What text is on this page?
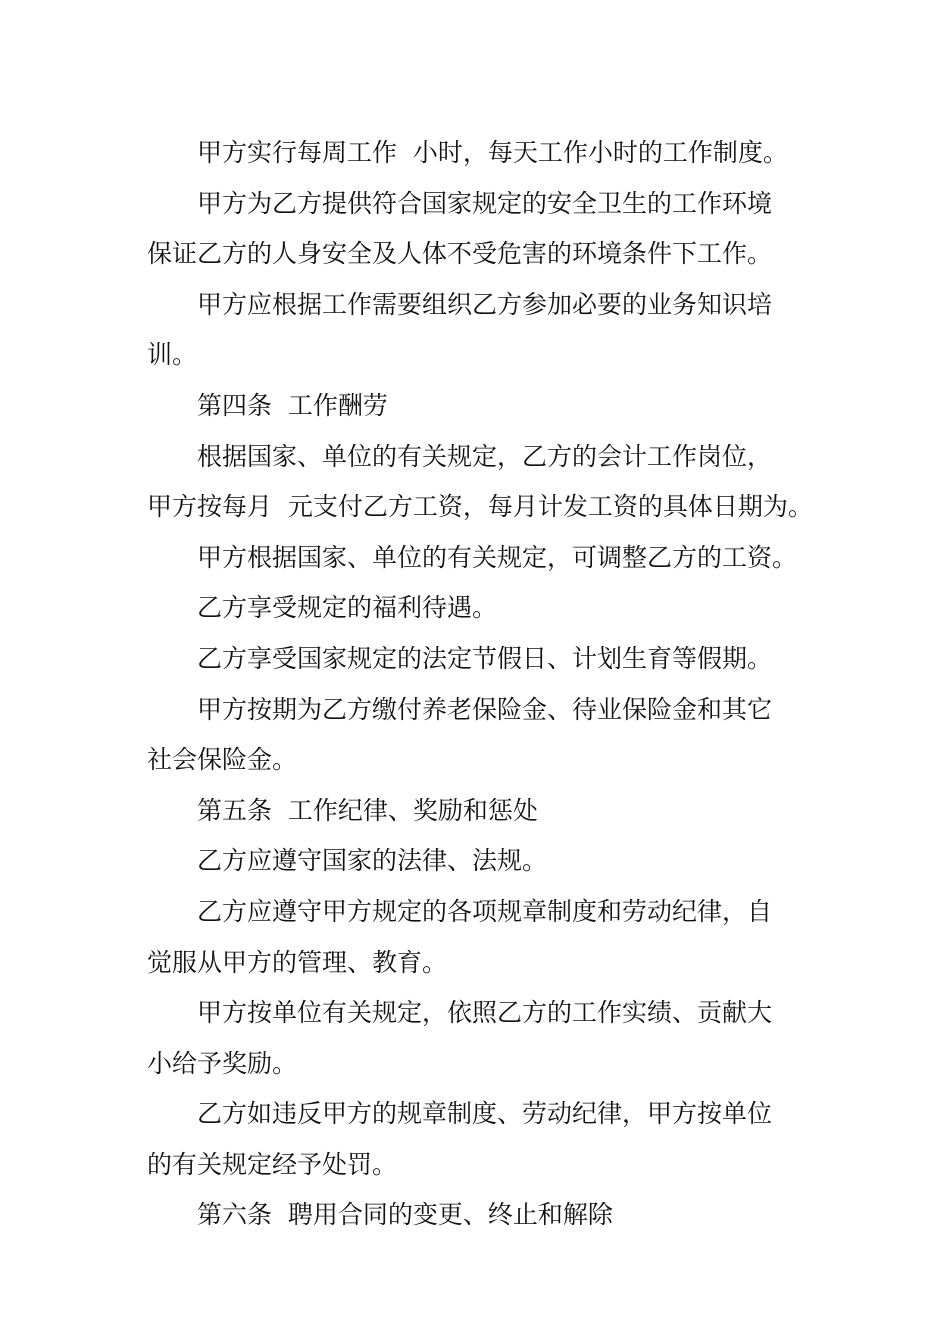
甲方实行每周工作  小时，每天工作小时的工作制度。
甲方为乙方提供符合国家规定的安全卫生的工作环境
保证乙方的人身安全及人体不受危害的环境条件下工作。
甲方应根据工作需要组织乙方参加必要的业务知识培
训。
第四条  工作酬劳
根据国家、单位的有关规定，乙方的会计工作岗位，
甲方按每月  元支付乙方工资，每月计发工资的具体日期为。
甲方根据国家、单位的有关规定，可调整乙方的工资。
乙方享受规定的福利待遇。
乙方享受国家规定的法定节假日、计划生育等假期。
甲方按期为乙方缴付养老保险金、待业保险金和其它
社会保险金。
第五条  工作纪律、奖励和惩处
乙方应遵守国家的法律、法规。
乙方应遵守甲方规定的各项规章制度和劳动纪律，自
觉服从甲方的管理、教育。
甲方按单位有关规定，依照乙方的工作实绩、贡献大
小给予奖励。
乙方如违反甲方的规章制度、劳动纪律，甲方按单位
的有关规定经予处罚。
第六条  聘用合同的变更、终止和解除
